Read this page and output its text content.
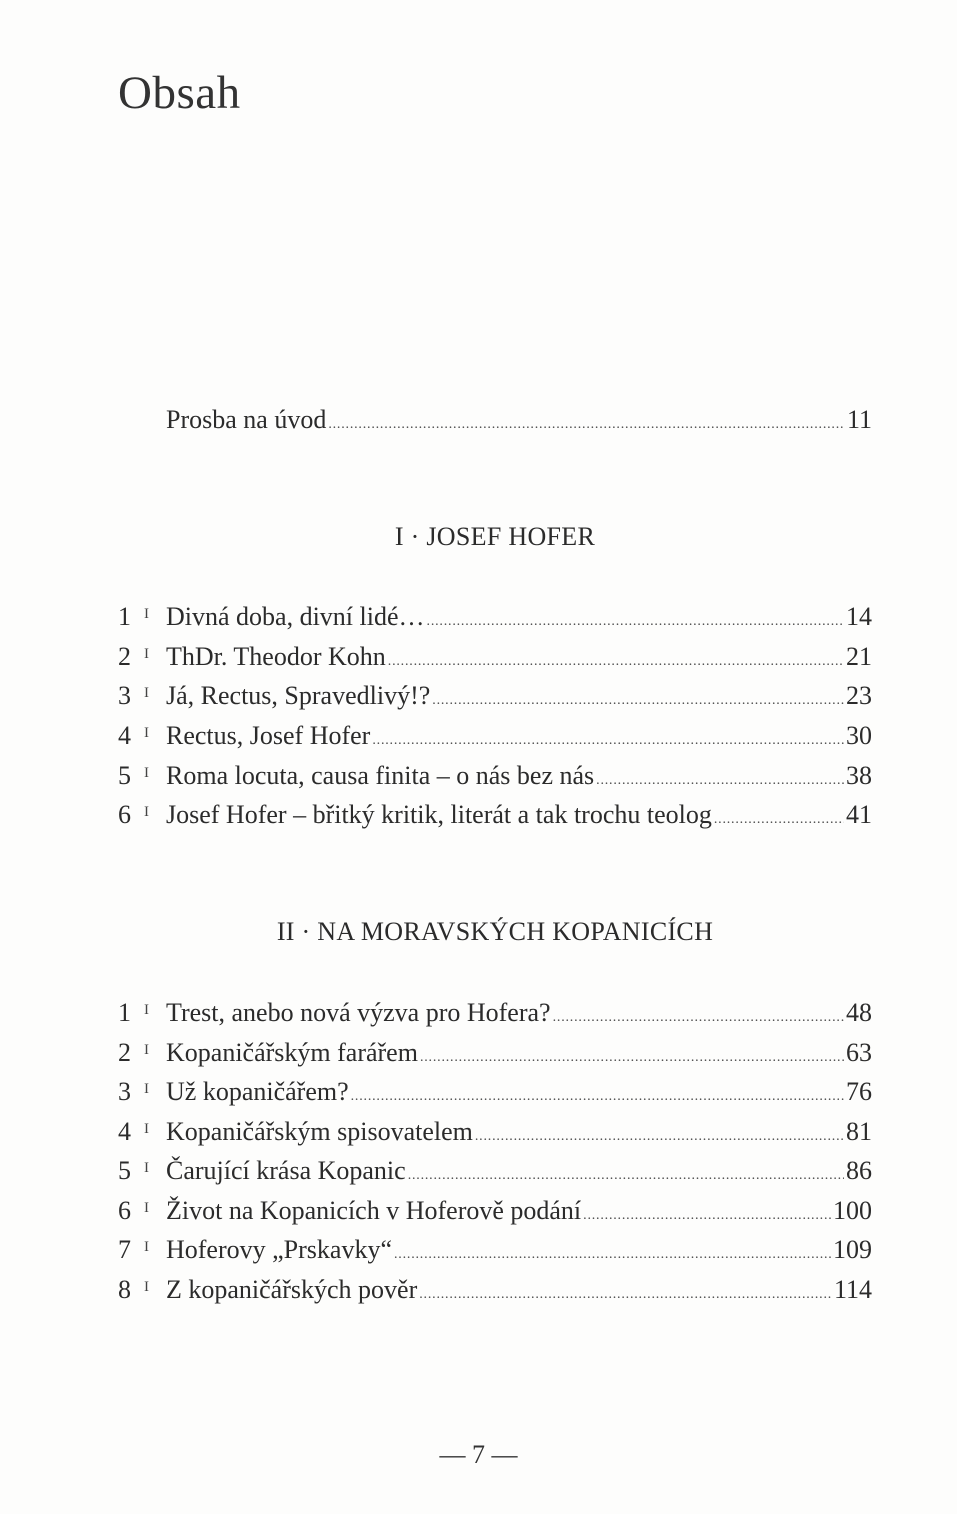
Obsah
Prosba na úvod .....	11
I · JOSEF HOFER
1 I Divná doba, divní lidé… .....	14
2 I ThDr. Theodor Kohn .....	21
3 I Já, Rectus, Spravedlivý!? .....	23
4 I Rectus, Josef Hofer .....	30
5 I Roma locuta, causa finita – o nás bez nás .....	38
6 I Josef Hofer – břitký kritik, literát a tak trochu teolog .....	41
II · NA MORAVSKÝCH KOPANICÍCH
1 I Trest, anebo nová výzva pro Hofera? .....	48
2 I Kopaničářským farářem .....	63
3 I Už kopaničářem? .....	76
4 I Kopaničářským spisovatelem .....	81
5 I Čarující krása Kopanic .....	86
6 I Život na Kopanicích v Hoferově podání .....	100
7 I Hoferovy „Prskavky“ .....	109
8 I Z kopaničářských pověr .....	114
— 7 —
